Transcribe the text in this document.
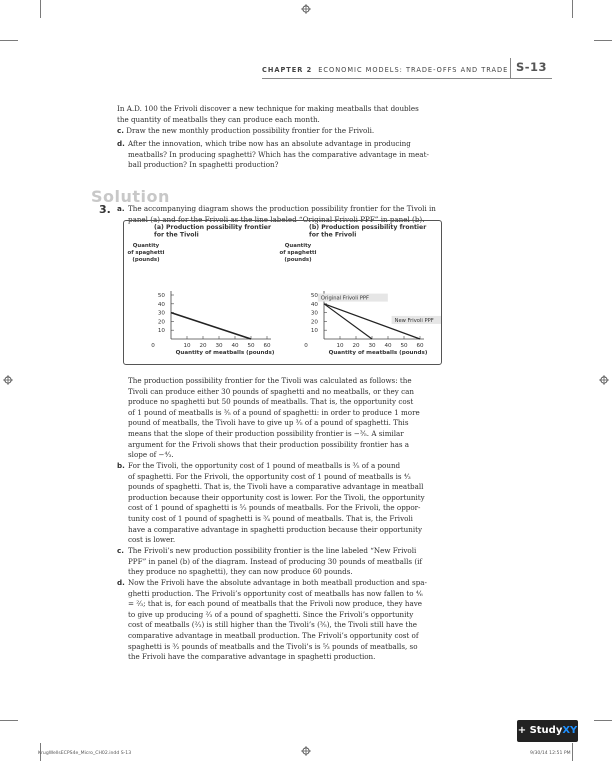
CHAPTER 2 ECONOMIC MODELS: TRADE-OFFS AND TRADE S-13
In A.D. 100 the Frivoli discover a new technique for making meatballs that doubles
the quantity of meatballs they can produce each month.
c. Draw the new monthly production possibility frontier for the Frivoli.
d. After the innovation, which tribe now has an absolute advantage in producing
meatballs? In producing spaghetti? Which has the comparative advantage in meat-
ball production? In spaghetti production?
Solution
3. a. The accompanying diagram shows the production possibility frontier for the Tivoli in
panel (a) and for the Frivoli as the line labeled “Original Frivoli PPF” in panel (b).
(a) Production possibility frontier
for the Tivoli
Quantity
of spaghetti
(pounds)
10
20
30
40
50
10 20 30 40 50 60
0
Quantity of meatballs (pounds)
(b) Production possibility frontier
for the Frivoli
Quantity
of spaghetti
(pounds)
10
20
30
40
50
10 20 30 40 50 60
0
Quantity of meatballs (pounds)
Original Frivoli PPF
New Frivoli PPF
The production possibility frontier for the Tivoli was calculated as follows: the
Tivoli can produce either 30 pounds of spaghetti and no meatballs, or they can
produce no spaghetti but 50 pounds of meatballs. That is, the opportunity cost
of 1 pound of meatballs is ³⁄₅ of a pound of spaghetti: in order to produce 1 more
pound of meatballs, the Tivoli have to give up ³⁄₅ of a pound of spaghetti. This
means that the slope of their production possibility frontier is −³⁄₅. A similar
argument for the Frivoli shows that their production possibility frontier has a
slope of −⁴⁄₃.
b. For the Tivoli, the opportunity cost of 1 pound of meatballs is ³⁄₅ of a pound
of spaghetti. For the Frivoli, the opportunity cost of 1 pound of meatballs is ⁴⁄₃
pounds of spaghetti. That is, the Tivoli have a comparative advantage in meatball
production because their opportunity cost is lower. For the Tivoli, the opportunity
cost of 1 pound of spaghetti is ⁵⁄₃ pounds of meatballs. For the Frivoli, the oppor-
tunity cost of 1 pound of spaghetti is ³⁄₄ pound of meatballs. That is, the Frivoli
have a comparative advantage in spaghetti production because their opportunity
cost is lower.
c. The Frivoli’s new production possibility frontier is the line labeled “New Frivoli
PPF” in panel (b) of the diagram. Instead of producing 30 pounds of meatballs (if
they produce no spaghetti), they can now produce 60 pounds.
d. Now the Frivoli have the absolute advantage in both meatball production and spa-
ghetti production. The Frivoli’s opportunity cost of meatballs has now fallen to ⁴⁄₆
= ²⁄₃; that is, for each pound of meatballs that the Frivoli now produce, they have
to give up producing ²⁄₃ of a pound of spaghetti. Since the Frivoli’s opportunity
cost of meatballs (²⁄₃) is still higher than the Tivoli’s (³⁄₅), the Tivoli still have the
comparative advantage in meatball production. The Frivoli’s opportunity cost of
spaghetti is ³⁄₂ pounds of meatballs and the Tivoli’s is ⁵⁄₃ pounds of meatballs, so
the Frivoli have the comparative advantage in spaghetti production.
+ StudyXY
KrugWellsECPS4e_Micro_CH02.indd S-13	9/30/14 12:51 PM
